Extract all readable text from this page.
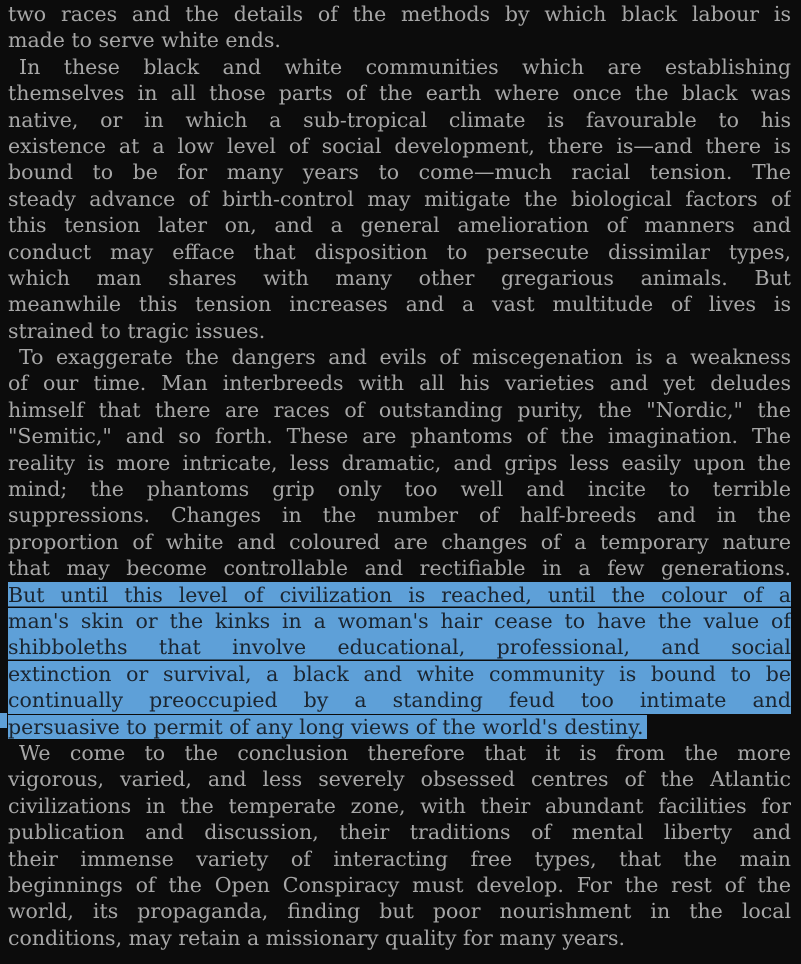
two races and the details of the methods by which black labour is
made to serve white ends.
In these black and white communities which are establishing
themselves in all those parts of the earth where once the black was
native, or in which a sub-tropical climate is favourable to his
existence at a low level of social development, there is—and there is
bound to be for many years to come—much racial tension. The
steady advance of birth-control may mitigate the biological factors of
this tension later on, and a general amelioration of manners and
conduct may efface that disposition to persecute dissimilar types,
which man shares with many other gregarious animals. But
meanwhile this tension increases and a vast multitude of lives is
strained to tragic issues.
To exaggerate the dangers and evils of miscegenation is a weakness
of our time. Man interbreeds with all his varieties and yet deludes
himself that there are races of outstanding purity, the "Nordic," the
"Semitic," and so forth. These are phantoms of the imagination. The
reality is more intricate, less dramatic, and grips less easily upon the
mind; the phantoms grip only too well and incite to terrible
suppressions. Changes in the number of half-breeds and in the
proportion of white and coloured are changes of a temporary nature
that may become controllable and rectifiable in a few generations.
But until this level of civilization is reached, until the colour of a
man's skin or the kinks in a woman's hair cease to have the value of
shibboleths that involve educational, professional, and social
extinction or survival, a black and white community is bound to be
continually preoccupied by a standing feud too intimate and
persuasive to permit of any long views of the world's destiny.
We come to the conclusion therefore that it is from the more
vigorous, varied, and less severely obsessed centres of the Atlantic
civilizations in the temperate zone, with their abundant facilities for
publication and discussion, their traditions of mental liberty and
their immense variety of interacting free types, that the main
beginnings of the Open Conspiracy must develop. For the rest of the
world, its propaganda, finding but poor nourishment in the local
conditions, may retain a missionary quality for many years.
